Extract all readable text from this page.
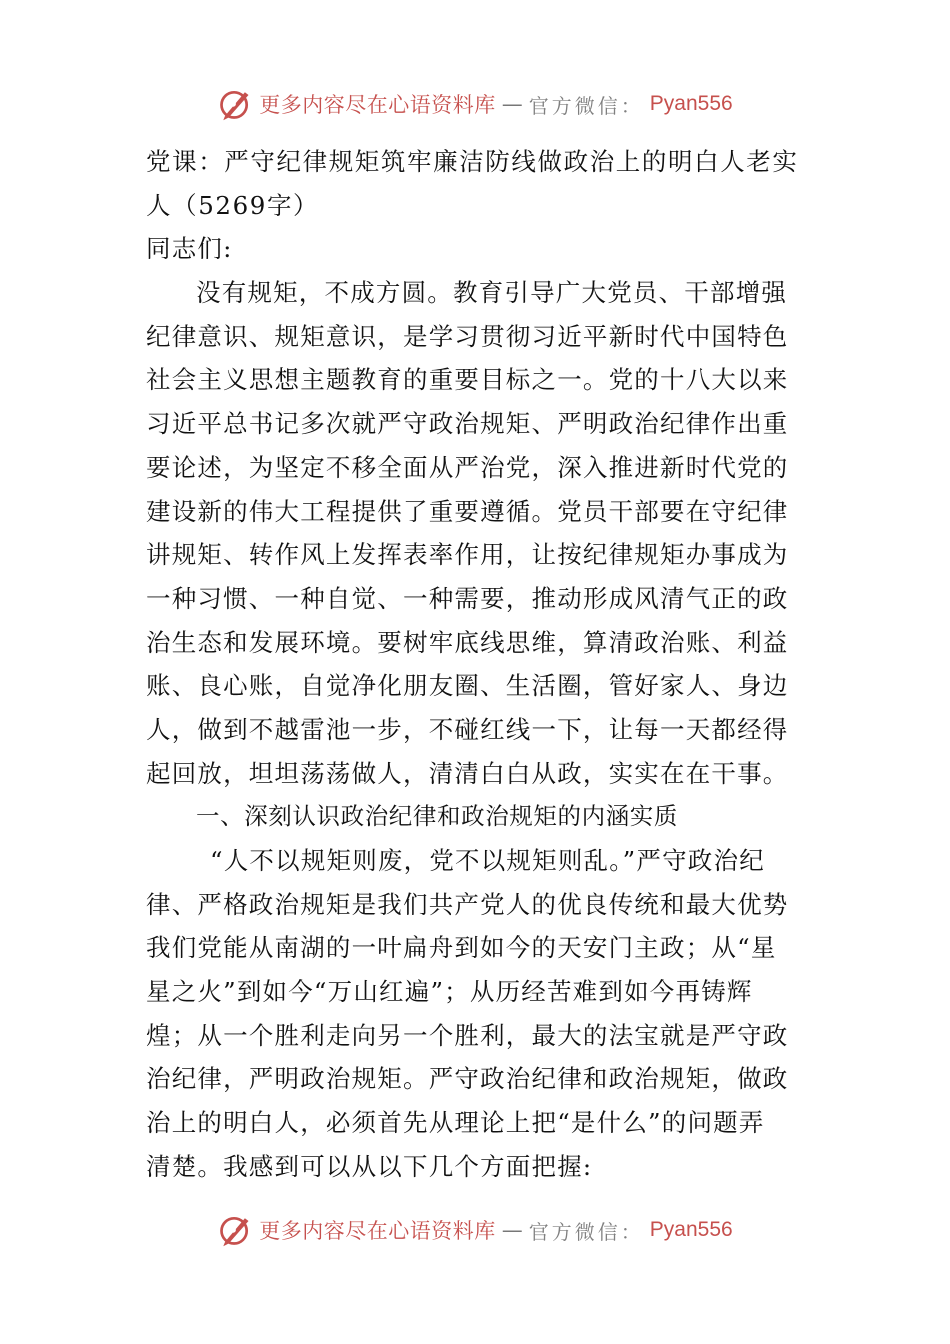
更多内容尽在心语资料库 — 官方微信： Pyan556
党课：严守纪律规矩筑牢廉洁防线做政治上的明白人老实
人（5269字）
同志们:
没有规矩，不成方圆。教育引导广大党员、干部增强
纪律意识、规矩意识，是学习贯彻习近平新时代中国特色
社会主义思想主题教育的重要目标之一。党的十八大以来
习近平总书记多次就严守政治规矩、严明政治纪律作出重
要论述，为坚定不移全面从严治党，深入推进新时代党的
建设新的伟大工程提供了重要遵循。党员干部要在守纪律
讲规矩、转作风上发挥表率作用，让按纪律规矩办事成为
一种习惯、一种自觉、一种需要，推动形成风清气正的政
治生态和发展环境。要树牢底线思维，算清政治账、利益
账、良心账，自觉净化朋友圈、生活圈，管好家人、身边
人，做到不越雷池一步，不碰红线一下，让每一天都经得
起回放，坦坦荡荡做人，清清白白从政，实实在在干事。
一、深刻认识政治纪律和政治规矩的内涵实质
“人不以规矩则废，党不以规矩则乱。”严守政治纪
律、严格政治规矩是我们共产党人的优良传统和最大优势
我们党能从南湖的一叶扁舟到如今的天安门主政；从“星
星之火”到如今“万山红遍”；从历经苦难到如今再铸辉
煌；从一个胜利走向另一个胜利，最大的法宝就是严守政
治纪律，严明政治规矩。严守政治纪律和政治规矩，做政
治上的明白人，必须首先从理论上把“是什么”的问题弄
清楚。我感到可以从以下几个方面把握:
更多内容尽在心语资料库 — 官方微信： Pyan556
